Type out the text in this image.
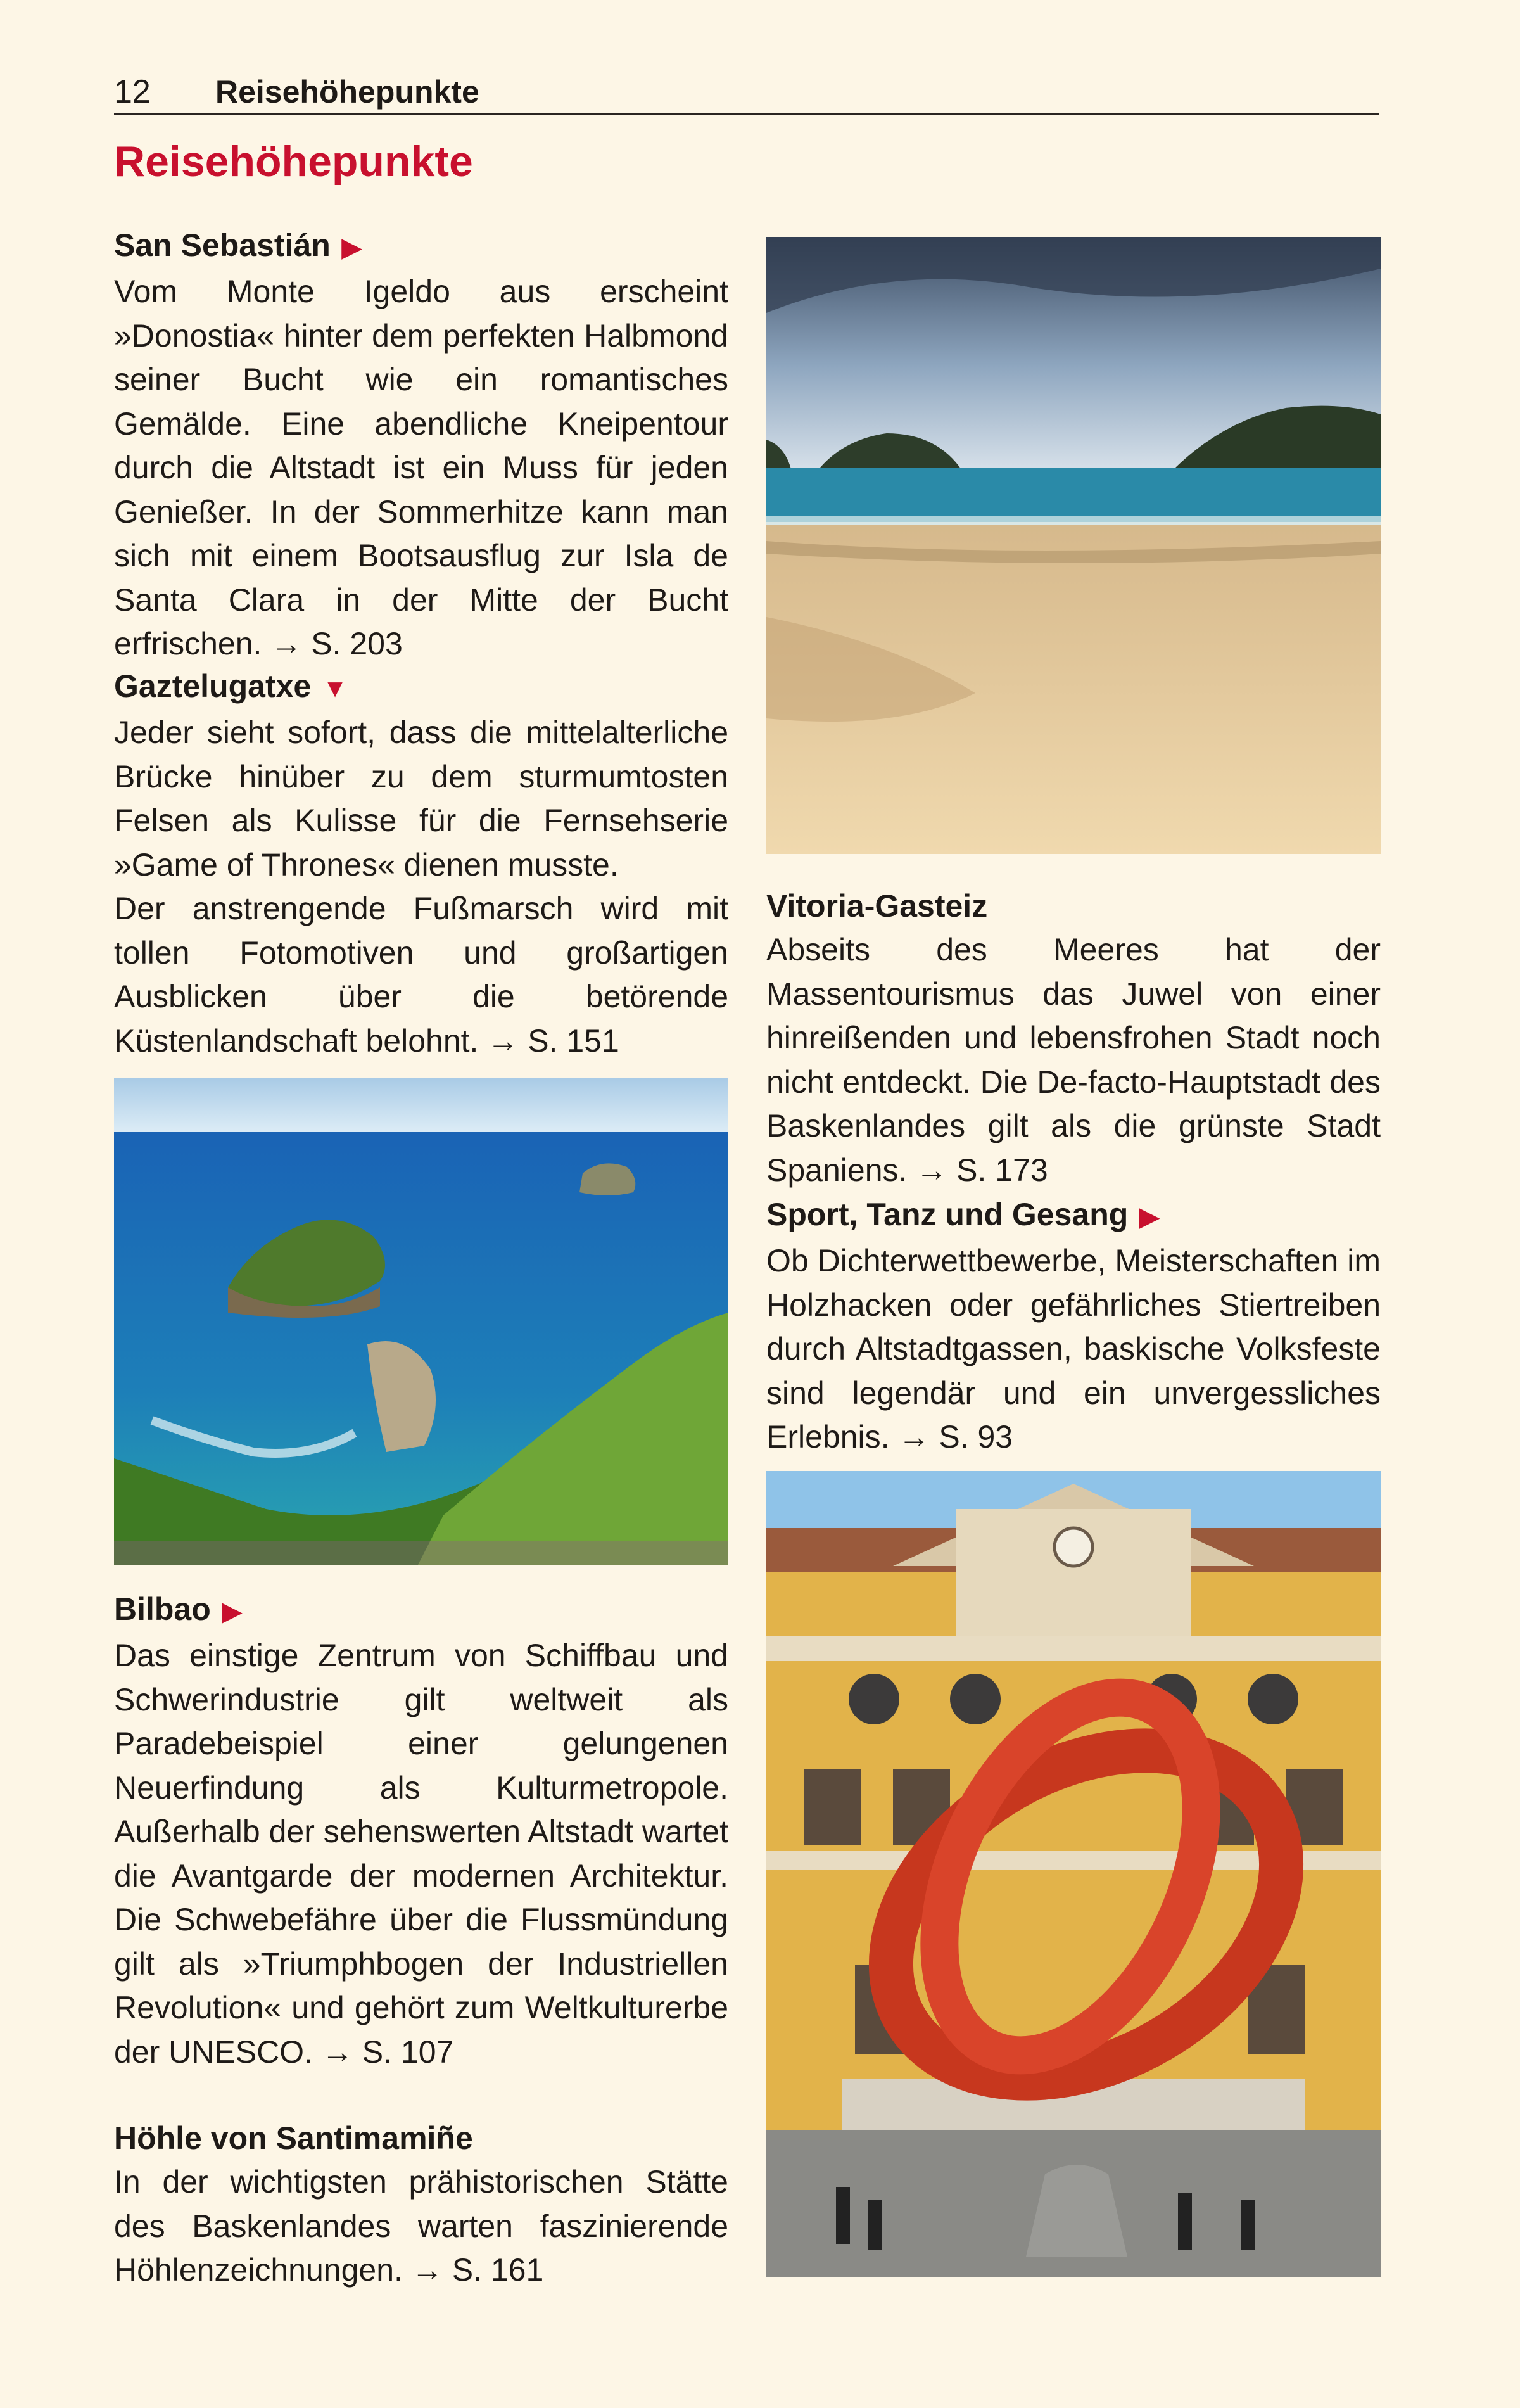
12 Reisehöhepunkte
Reisehöhepunkte
San Sebastián ▶

Vom Monte Igeldo aus erscheint »Donostia« hinter dem perfekten Halbmond seiner Bucht wie ein romantisches Gemälde. Eine abendliche Kneipentour durch die Altstadt ist ein Muss für jeden Genießer. In der Sommerhitze kann man sich mit einem Bootsausflug zur Isla de Santa Clara in der Mitte der Bucht erfrischen. → S. 203

Gaztelugatxe ▼

Jeder sieht sofort, dass die mittelalterliche Brücke hinüber zu dem sturmumtosten Felsen als Kulisse für die Fernsehserie »Game of Thrones« dienen musste.

Der anstrengende Fußmarsch wird mit tollen Fotomotiven und großartigen Ausblicken über die betörende Küstenlandschaft belohnt. → S. 151

Bilbao ▶

Das einstige Zentrum von Schiffbau und Schwerindustrie gilt weltweit als Paradebeispiel einer gelungenen Neuerfindung als Kulturmetropole. Außerhalb der sehenswerten Altstadt wartet die Avantgarde der modernen Architektur. Die Schwebefähre über die Flussmündung gilt als »Triumphbogen der Industriellen Revolution« und gehört zum Weltkulturerbe der UNESCO. → S. 107

Höhle von Santimamiñe

In der wichtigsten prähistorischen Stätte des Baskenlandes warten faszinierende Höhlenzeichnungen. → S. 161

Vitoria-Gasteiz

Abseits des Meeres hat der Massentourismus das Juwel von einer hinreißenden und lebensfrohen Stadt noch nicht entdeckt. Die De-facto-Hauptstadt des Baskenlandes gilt als die grünste Stadt Spaniens. → S. 173

Sport, Tanz und Gesang ▶

Ob Dichterwettbewerbe, Meisterschaften im Holzhacken oder gefährliches Stiertreiben durch Altstadtgassen, baskische Volksfeste sind legendär und ein unvergessliches Erlebnis. → S. 93
